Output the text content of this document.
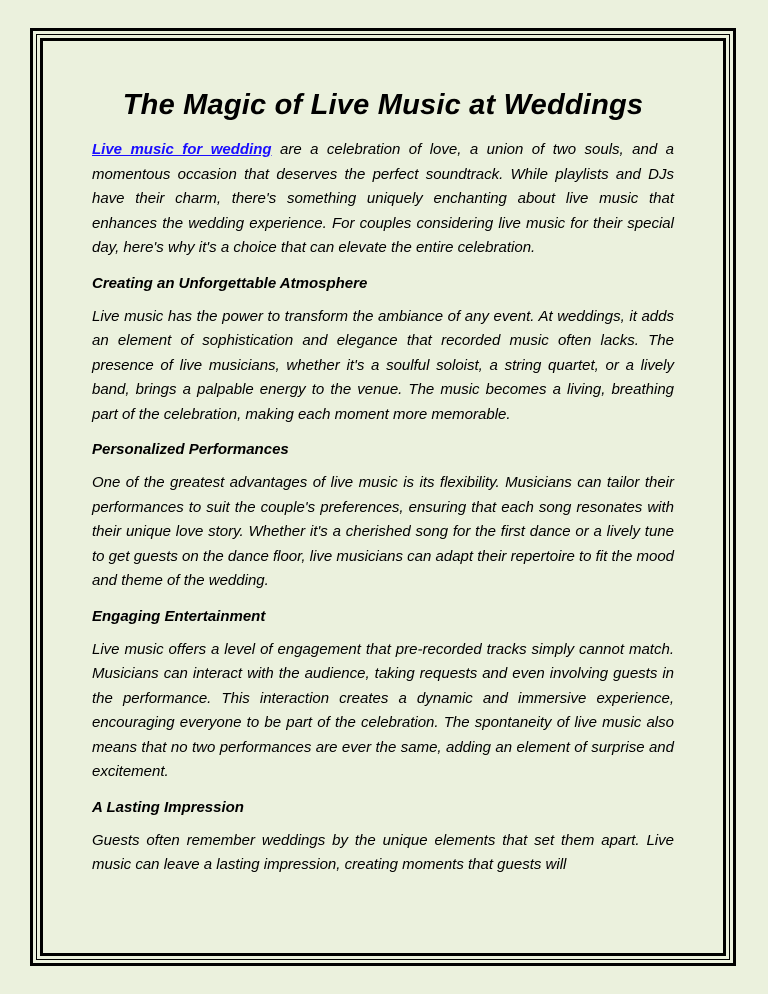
The Magic of Live Music at Weddings

Live music for wedding are a celebration of love, a union of two souls, and a momentous occasion that deserves the perfect soundtrack. While playlists and DJs have their charm, there's something uniquely enchanting about live music that enhances the wedding experience. For couples considering live music for their special day, here's why it's a choice that can elevate the entire celebration.

Creating an Unforgettable Atmosphere

Live music has the power to transform the ambiance of any event. At weddings, it adds an element of sophistication and elegance that recorded music often lacks. The presence of live musicians, whether it's a soulful soloist, a string quartet, or a lively band, brings a palpable energy to the venue. The music becomes a living, breathing part of the celebration, making each moment more memorable.

Personalized Performances

One of the greatest advantages of live music is its flexibility. Musicians can tailor their performances to suit the couple's preferences, ensuring that each song resonates with their unique love story. Whether it's a cherished song for the first dance or a lively tune to get guests on the dance floor, live musicians can adapt their repertoire to fit the mood and theme of the wedding.

Engaging Entertainment

Live music offers a level of engagement that pre-recorded tracks simply cannot match. Musicians can interact with the audience, taking requests and even involving guests in the performance. This interaction creates a dynamic and immersive experience, encouraging everyone to be part of the celebration. The spontaneity of live music also means that no two performances are ever the same, adding an element of surprise and excitement.

A Lasting Impression

Guests often remember weddings by the unique elements that set them apart. Live music can leave a lasting impression, creating moments that guests will
